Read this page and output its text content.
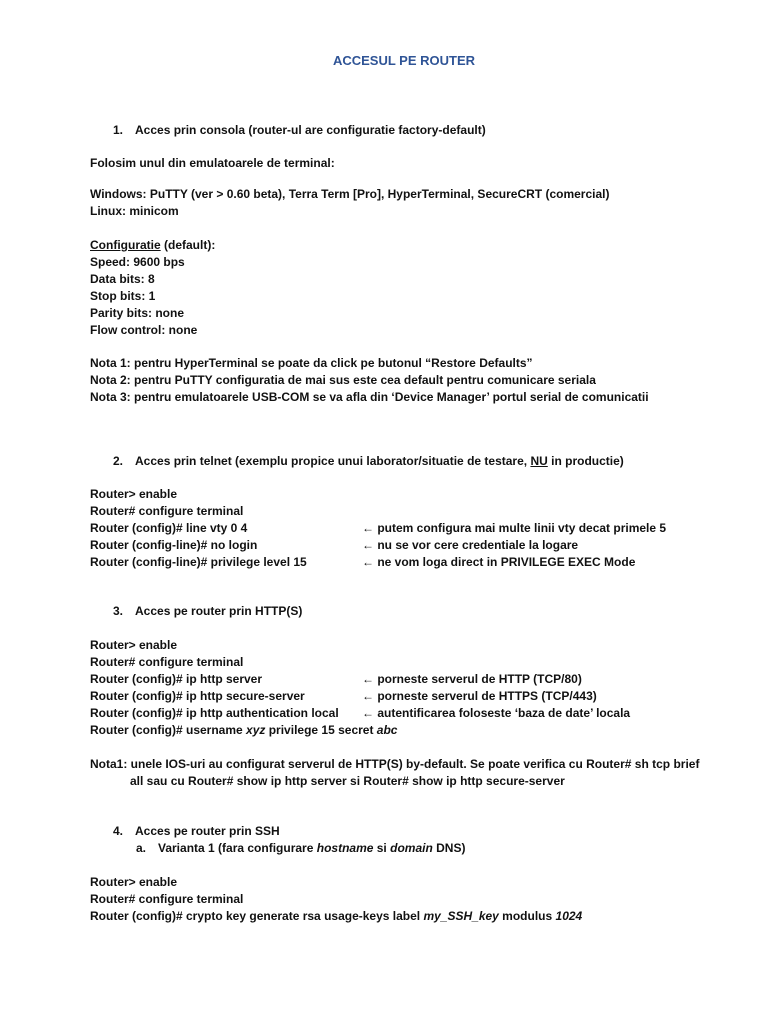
ACCESUL PE ROUTER
1. Acces prin consola (router-ul are configuratie factory-default)
Folosim unul din emulatoarele de terminal:
Windows: PuTTY (ver > 0.60 beta), Terra Term [Pro], HyperTerminal, SecureCRT (comercial)
Linux: minicom
Configuratie (default):
Speed: 9600 bps
Data bits: 8
Stop bits: 1
Parity bits: none
Flow control: none
Nota 1: pentru HyperTerminal se poate da click pe butonul “Restore Defaults”
Nota 2: pentru PuTTY configuratia de mai sus este cea default pentru comunicare seriala
Nota 3: pentru emulatoarele USB-COM se va afla din ‘Device Manager’ portul serial de comunicatii
2. Acces prin telnet (exemplu propice unui laborator/situatie de testare, NU in productie)
Router> enable
Router# configure terminal
Router (config)# line vty 0 4	← putem configura mai multe linii vty decat primele 5
Router (config-line)# no login	← nu se vor cere credentiale la logare
Router (config-line)# privilege level 15	← ne vom loga direct in PRIVILEGE EXEC Mode
3. Acces pe router prin HTTP(S)
Router> enable
Router# configure terminal
Router (config)# ip http server	← porneste serverul de HTTP (TCP/80)
Router (config)# ip http secure-server	← porneste serverul de HTTPS (TCP/443)
Router (config)# ip http authentication local ← autentificarea foloseste ‘baza de date’ locala
Router (config)# username xyz privilege 15 secret abc
Nota1: unele IOS-uri au configurat serverul de HTTP(S) by-default. Se poate verifica cu Router# sh tcp brief
all sau cu Router# show ip http server si Router# show ip http secure-server
4. Acces pe router prin SSH
a. Varianta 1 (fara configurare hostname si domain DNS)
Router> enable
Router# configure terminal
Router (config)# crypto key generate rsa usage-keys label my_SSH_key modulus 1024
